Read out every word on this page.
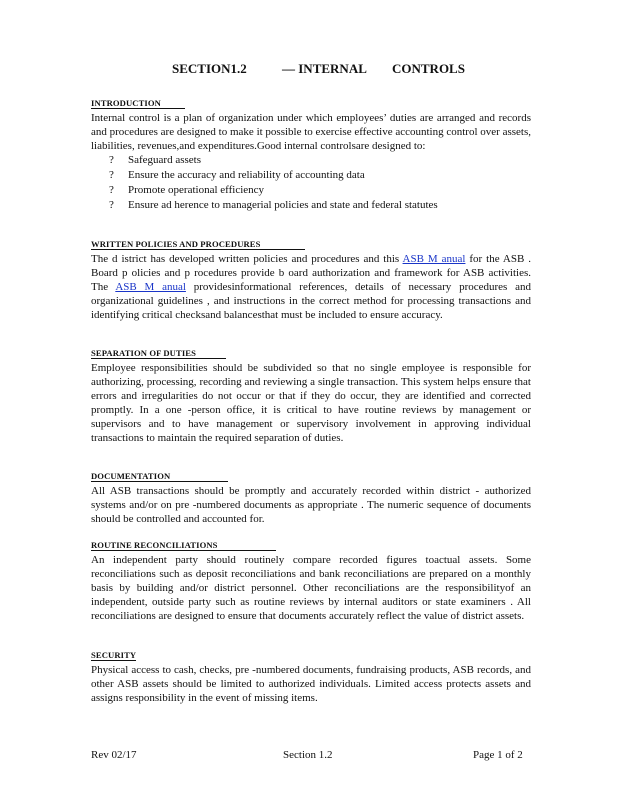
SECTION1.2	— INTERNAL CONTROLS
INTRODUCTION

Internal control is a plan of organization under which employees’ duties are arranged and records and procedures are designed to make it possible to exercise effective accounting control over assets, liabilities, revenues,and expenditures.Good internal controlsare designed to:

? Safeguard assets
? Ensure the accuracy and reliability of accounting data
? Promote operational efficiency
? Ensure ad herence to managerial policies and state and federal statutes
WRITTEN POLICIES AND PROCEDURES

The d istrict has developed written policies and procedures and this ASB M anual for the ASB . Board p olicies and p rocedures provide b oard authorization and framework for ASB activities. The ASB M anual providesinformational references, details of necessary procedures and organizational guidelines , and instructions in the correct method for processing transactions and identifying critical checksand balancesthat must be included to ensure accuracy.

SEPARATION OF DUTIES

Employee responsibilities should be subdivided so that no single employee is responsible for authorizing, processing, recording and reviewing a single transaction. This system helps ensure that errors and irregularities do not occur or that if they do occur, they are identified and corrected promptly. In a one -person office, it is critical to have routine reviews by management or supervisors and to have management or supervisory involvement in approving individual transactions to maintain the required separation of duties.

DOCUMENTATION

All ASB transactions should be promptly and accurately recorded within district - authorized systems and/or on pre -numbered documents as appropriate . The numeric sequence of documents should be controlled and accounted for.

ROUTINE RECONCILIATIONS

An independent party should routinely compare recorded figures toactual assets. Some reconciliations such as deposit reconciliations and bank reconciliations are prepared on a monthly basis by building and/or district personnel. Other reconciliations are the responsibilityof an independent, outside party such as routine reviews by internal auditors or state examiners . All reconciliations are designed to ensure that documents accurately reflect the value of district assets.

SECURITY

Physical access to cash, checks, pre -numbered documents, fundraising products, ASB records, and other ASB assets should be limited to authorized individuals. Limited access protects assets and assigns responsibility in the event of missing items.

Rev 02/17	Section 1.2	Page 1 of 2
